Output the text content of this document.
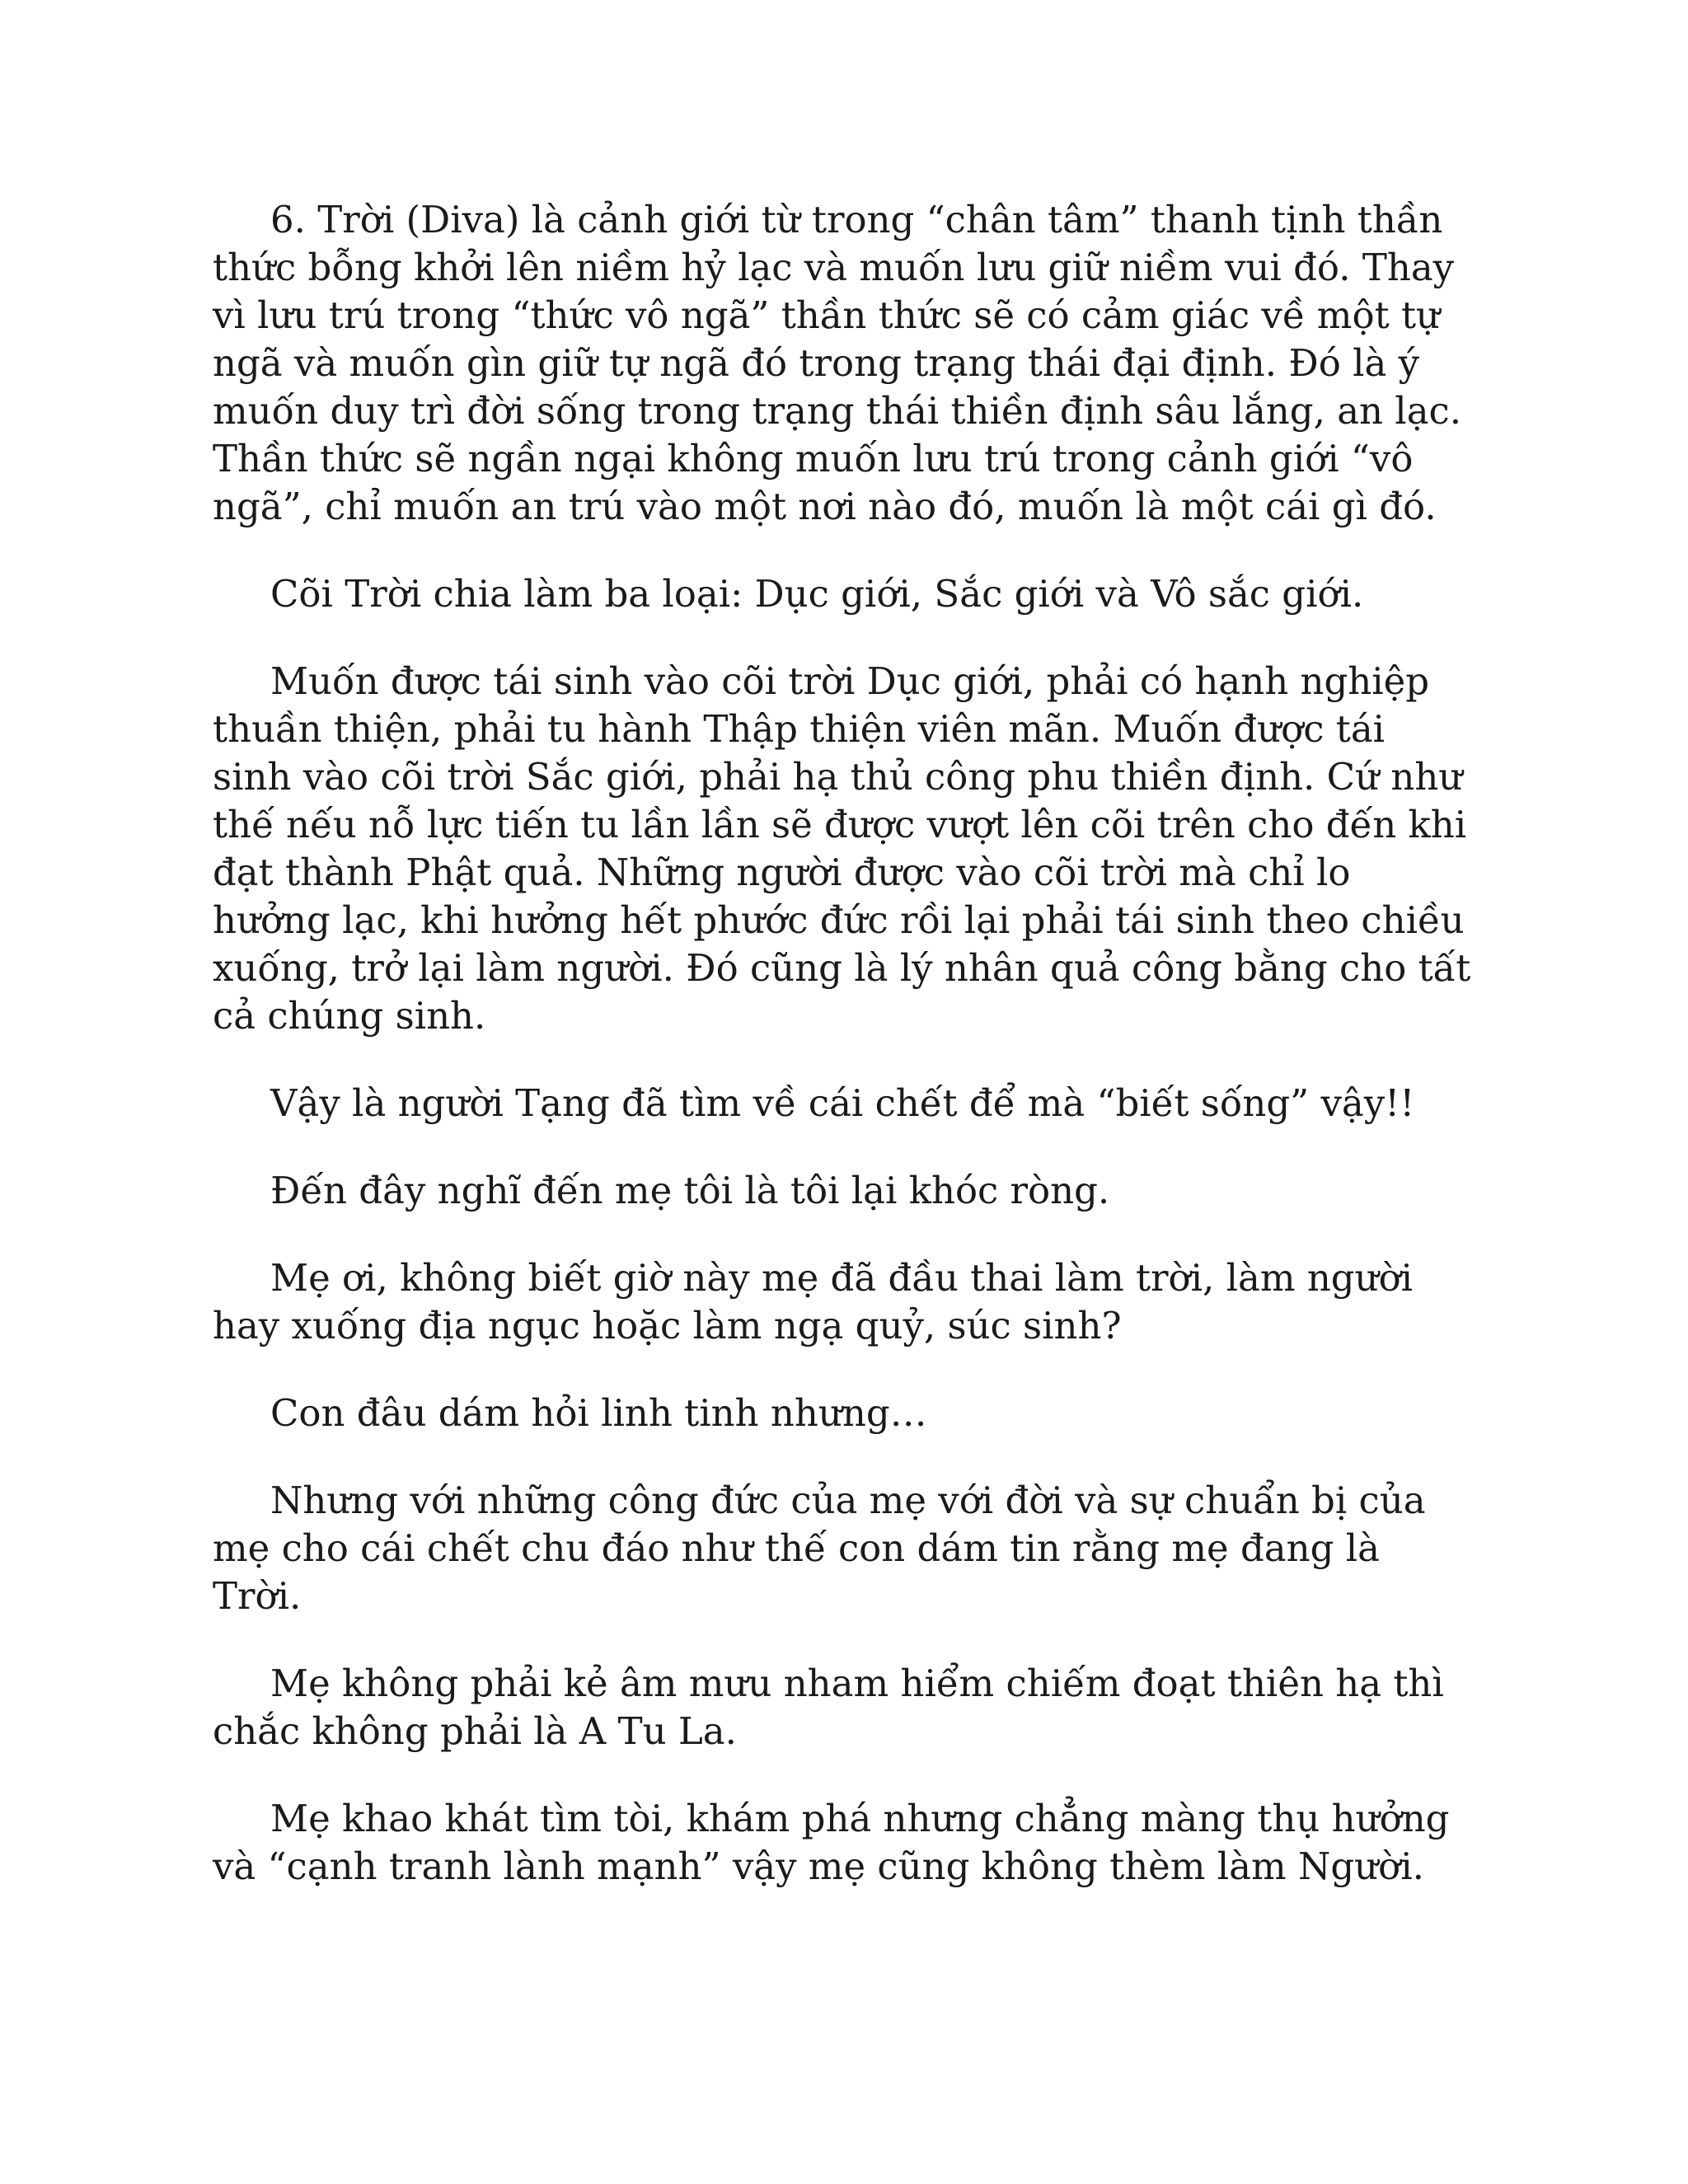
6. Trời (Diva) là cảnh giới từ trong “chân tâm” thanh tịnh thần thức bỗng khởi lên niềm hỷ lạc và muốn lưu giữ niềm vui đó. Thay vì lưu trú trong “thức vô ngã” thần thức sẽ có cảm giác về một tự ngã và muốn gìn giữ tự ngã đó trong trạng thái đại định. Đó là ý muốn duy trì đời sống trong trạng thái thiền định sâu lắng, an lạc. Thần thức sẽ ngần ngại không muốn lưu trú trong cảnh giới “vô ngã”, chỉ muốn an trú vào một nơi nào đó, muốn là một cái gì đó.

Cõi Trời chia làm ba loại: Dục giới, Sắc giới và Vô sắc giới.

Muốn được tái sinh vào cõi trời Dục giới, phải có hạnh nghiệp thuần thiện, phải tu hành Thập thiện viên mãn. Muốn được tái sinh vào cõi trời Sắc giới, phải hạ thủ công phu thiền định. Cứ như thế nếu nỗ lực tiến tu lần lần sẽ được vượt lên cõi trên cho đến khi đạt thành Phật quả. Những người được vào cõi trời mà chỉ lo hưởng lạc, khi hưởng hết phước đức rồi lại phải tái sinh theo chiều xuống, trở lại làm người. Đó cũng là lý nhân quả công bằng cho tất cả chúng sinh.

Vậy là người Tạng đã tìm về cái chết để mà “biết sống” vậy!!

Đến đây nghĩ đến mẹ tôi là tôi lại khóc ròng.

Mẹ ơi, không biết giờ này mẹ đã đầu thai làm trời, làm người hay xuống địa ngục hoặc làm ngạ quỷ, súc sinh?

Con đâu dám hỏi linh tinh nhưng…

Nhưng với những công đức của mẹ với đời và sự chuẩn bị của mẹ cho cái chết chu đáo như thế con dám tin rằng mẹ đang là Trời.

Mẹ không phải kẻ âm mưu nham hiểm chiếm đoạt thiên hạ thì chắc không phải là A Tu La.

Mẹ khao khát tìm tòi, khám phá nhưng chẳng màng thụ hưởng và “cạnh tranh lành mạnh” vậy mẹ cũng không thèm làm Người.
